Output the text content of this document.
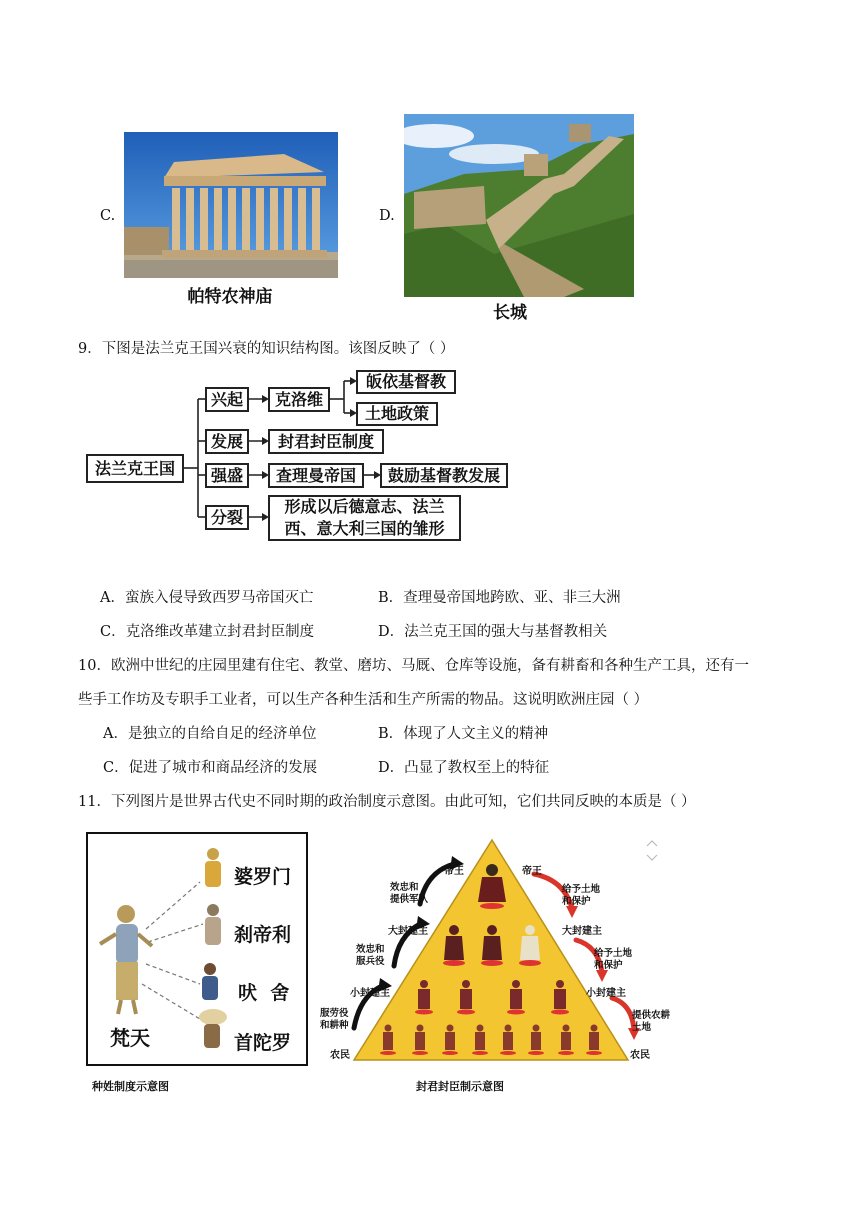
C.
帕特农神庙
D.
长城
9．下图是法兰克王国兴衰的知识结构图。该图反映了（ ）
法兰克王国
兴起	克洛维
皈依基督教
土地政策
发展	封君封臣制度
强盛	查理曼帝国	鼓励基督教发展
分裂
形成以后德意志、法兰
西、意大利三国的雏形
A．蛮族入侵导致西罗马帝国灭亡	B．查理曼帝国地跨欧、亚、非三大洲
C．克洛维改革建立封君封臣制度	D．法兰克王国的强大与基督教相关
10．欧洲中世纪的庄园里建有住宅、教堂、磨坊、马厩、仓库等设施，备有耕畜和各种生产工具，还有一
些手工作坊及专职手工业者，可以生产各种生活和生产所需的物品。这说明欧洲庄园（ ）
A．是独立的自给自足的经济单位	B．体现了人文主义的精神
C．促进了城市和商品经济的发展	D．凸显了教权至上的特征
11．下列图片是世界古代史不同时期的政治制度示意图。由此可知，它们共同反映的本质是（ ）
婆罗门
刹帝利
吠  舍
首陀罗
梵天
种姓制度示意图
帝王	帝王
大封建主	大封建主
小封建主	小封建主
农民	农民
效忠和
提供军队
效忠和
服兵役
服劳役
和耕种
给予土地
和保护
给予土地
和保护
提供农耕
土地
封君封臣制示意图
